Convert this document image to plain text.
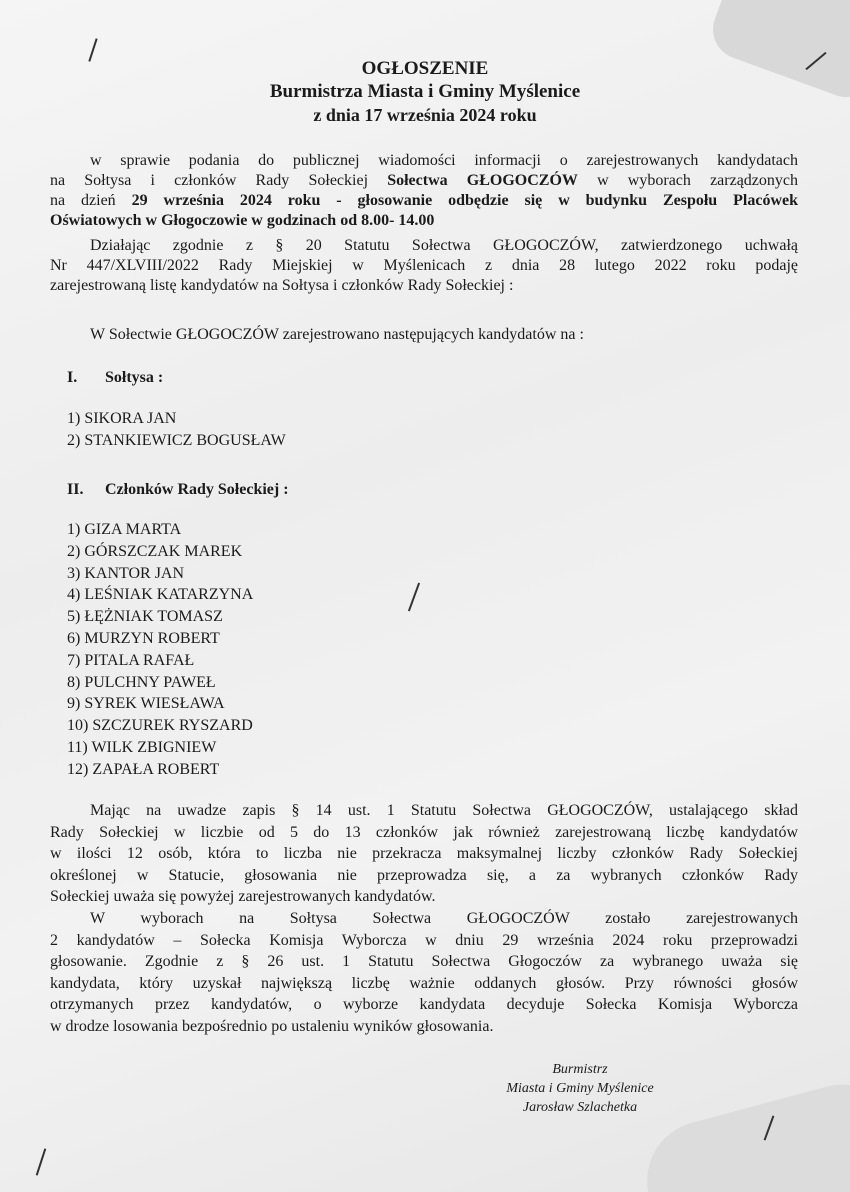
OGŁOSZENIE
Burmistrza Miasta i Gminy Myślenice
z dnia 17 września 2024 roku
w sprawie podania do publicznej wiadomości informacji o zarejestrowanych kandydatach
na Sołtysa i członków Rady Sołeckiej Sołectwa GŁOGOCZÓW w wyborach zarządzonych
na dzień 29 września 2024 roku - głosowanie odbędzie się w budynku Zespołu Placówek
Oświatowych w Głogoczowie w godzinach od 8.00- 14.00
Działając zgodnie z § 20 Statutu Sołectwa GŁOGOCZÓW, zatwierdzonego uchwałą
Nr 447/XLVIII/2022 Rady Miejskiej w Myślenicach z dnia 28 lutego 2022 roku podaję
zarejestrowaną listę kandydatów na Sołtysa i członków Rady Sołeckiej :
W Sołectwie GŁOGOCZÓW zarejestrowano następujących kandydatów na :
I. Sołtysa :
1) SIKORA JAN
2) STANKIEWICZ BOGUSŁAW
II. Członków Rady Sołeckiej :
1) GIZA MARTA
2) GÓRSZCZAK MAREK
3) KANTOR JAN
4) LEŚNIAK KATARZYNA
5) ŁĘŻNIAK TOMASZ
6) MURZYN ROBERT
7) PITALA RAFAŁ
8) PULCHNY PAWEŁ
9) SYREK WIESŁAWA
10) SZCZUREK RYSZARD
11) WILK ZBIGNIEW
12) ZAPAŁA ROBERT
Mając na uwadze zapis § 14 ust. 1 Statutu Sołectwa GŁOGOCZÓW, ustalającego skład
Rady Sołeckiej w liczbie od 5 do 13 członków jak również zarejestrowaną liczbę kandydatów
w ilości 12 osób, która to liczba nie przekracza maksymalnej liczby członków Rady Sołeckiej
określonej w Statucie, głosowania nie przeprowadza się, a za wybranych członków Rady
Sołeckiej uważa się powyżej zarejestrowanych kandydatów.
W wyborach na Sołtysa Sołectwa GŁOGOCZÓW zostało zarejestrowanych
2 kandydatów – Sołecka Komisja Wyborcza w dniu 29 września 2024 roku przeprowadzi
głosowanie. Zgodnie z § 26 ust. 1 Statutu Sołectwa Głogoczów za wybranego uważa się
kandydata, który uzyskał największą liczbę ważnie oddanych głosów. Przy równości głosów
otrzymanych przez kandydatów, o wyborze kandydata decyduje Sołecka Komisja Wyborcza
w drodze losowania bezpośrednio po ustaleniu wyników głosowania.
Burmistrz
Miasta i Gminy Myślenice
Jarosław Szlachetka
